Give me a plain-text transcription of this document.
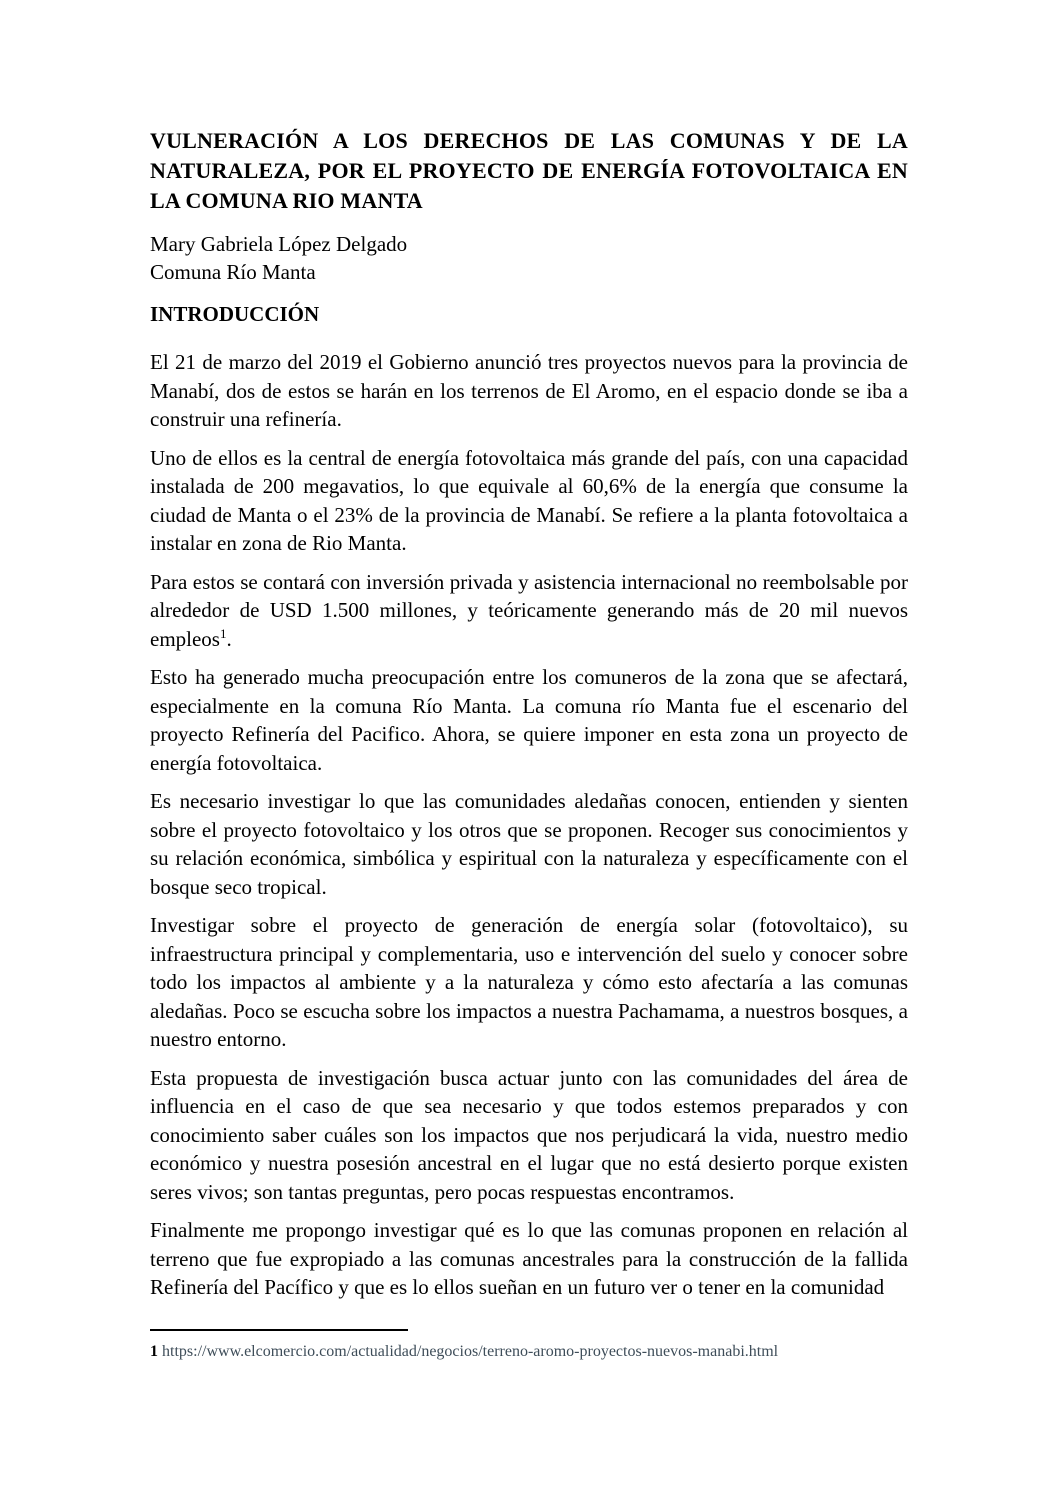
VULNERACIÓN A LOS DERECHOS DE LAS COMUNAS Y DE LA NATURALEZA, POR EL PROYECTO DE ENERGÍA FOTOVOLTAICA EN LA COMUNA RIO MANTA
Mary Gabriela López Delgado
Comuna Río Manta
INTRODUCCIÓN

El 21 de marzo del 2019 el Gobierno anunció tres proyectos nuevos para la provincia de Manabí, dos de estos se harán en los terrenos de El Aromo, en el espacio donde se iba a construir una refinería.

Uno de ellos es la central de energía fotovoltaica más grande del país, con una capacidad instalada de 200 megavatios, lo que equivale al 60,6% de la energía que consume la ciudad de Manta o el 23% de la provincia de Manabí. Se refiere a la planta fotovoltaica a instalar en zona de Rio Manta.

Para estos se contará con inversión privada y asistencia internacional no reembolsable por alrededor de USD 1.500 millones, y teóricamente generando más de 20 mil nuevos empleos$^1$.

Esto ha generado mucha preocupación entre los comuneros de la zona que se afectará, especialmente en la comuna Río Manta. La comuna río Manta fue el escenario del proyecto Refinería del Pacifico. Ahora, se quiere imponer en esta zona un proyecto de energía fotovoltaica.

Es necesario investigar lo que las comunidades aledañas conocen, entienden y sienten sobre el proyecto fotovoltaico y los otros que se proponen. Recoger sus conocimientos y su relación económica, simbólica y espiritual con la naturaleza y específicamente con el bosque seco tropical.

Investigar sobre el proyecto de generación de energía solar (fotovoltaico), su infraestructura principal y complementaria, uso e intervención del suelo y conocer sobre todo los impactos al ambiente y a la naturaleza y cómo esto afectaría a las comunas aledañas. Poco se escucha sobre los impactos a nuestra Pachamama, a nuestros bosques, a nuestro entorno.

Esta propuesta de investigación busca actuar junto con las comunidades del área de influencia en el caso de que sea necesario y que todos estemos preparados y con conocimiento saber cuáles son los impactos que nos perjudicará la vida, nuestro medio económico y nuestra posesión ancestral en el lugar que no está desierto porque existen seres vivos; son tantas preguntas, pero pocas respuestas encontramos.

Finalmente me propongo investigar qué es lo que las comunas proponen en relación al terreno que fue expropiado a las comunas ancestrales para la construcción de la fallida Refinería del Pacífico y que es lo ellos sueñan en un futuro ver o tener en la comunidad

1 https://www.elcomercio.com/actualidad/negocios/terreno-aromo-proyectos-nuevos-manabi.html
